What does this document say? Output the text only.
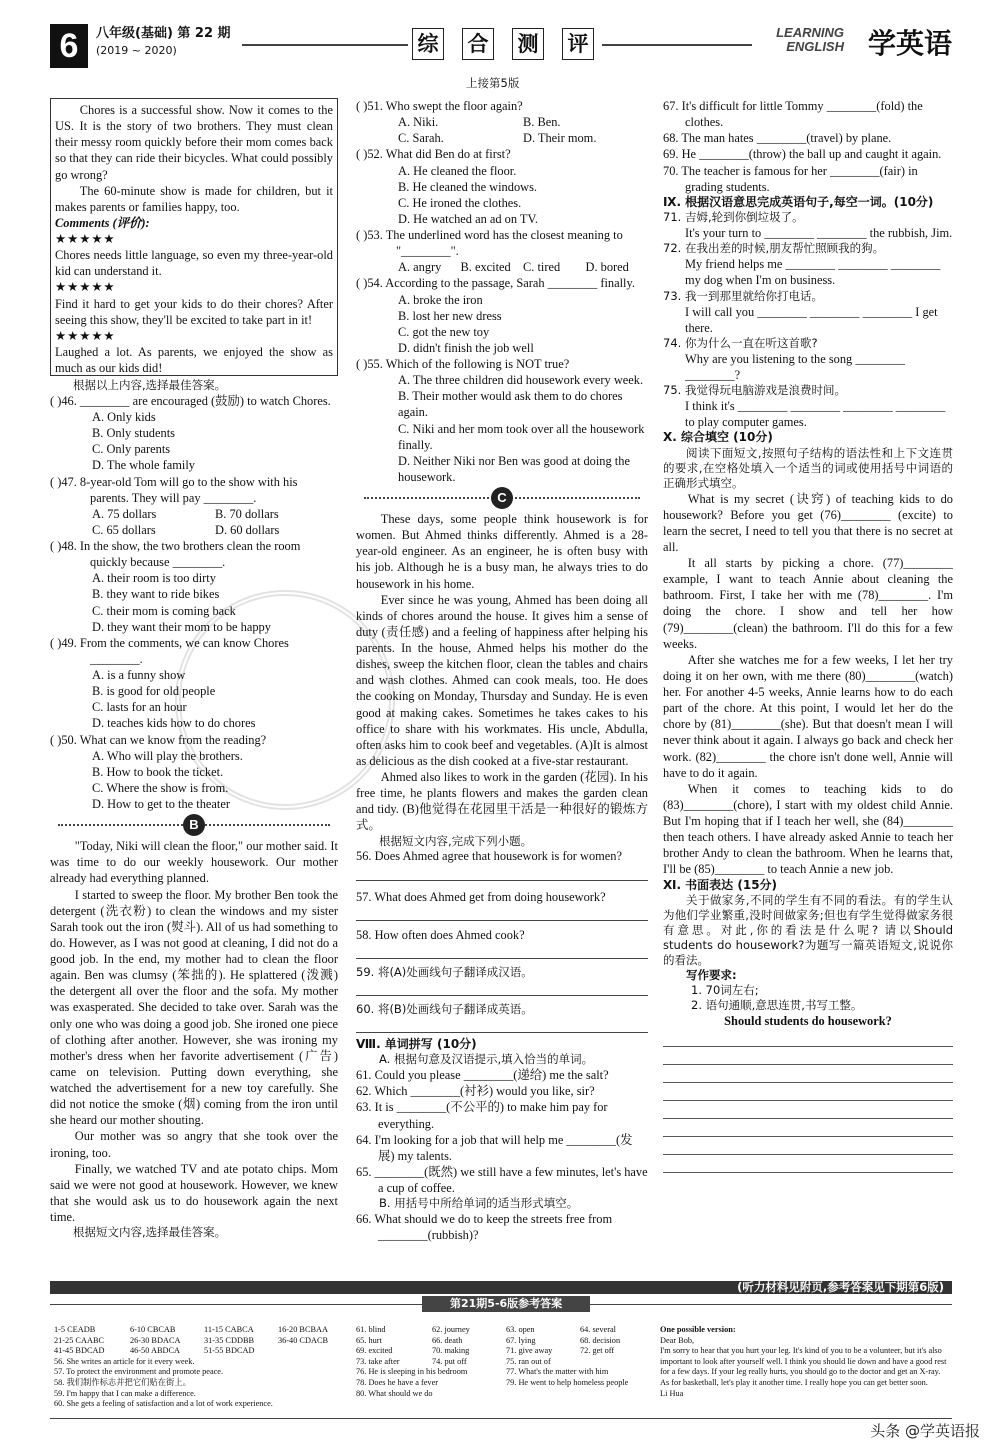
6	八年级(基础) 第 22 期
(2019 ~ 2020)	综 合 测 评	LEARNING
ENGLISH 学英语
上接第5版

Chores is a successful show. Now it comes to the US. It is the story of two brothers. They must clean their messy room quickly before their mom comes back so that they can ride their bicycles. What could possibly go wrong?

The 60-minute show is made for children, but it makes parents or families happy, too.

Comments (评价):

★★★★★

Chores needs little language, so even my three-year-old kid can understand it.

★★★★★

Find it hard to get your kids to do their chores? After seeing this show, they'll be excited to take part in it!

★★★★★

Laughed a lot. As parents, we enjoyed the show as much as our kids did!

根据以上内容,选择最佳答案。

( )46. ________ are encouraged (鼓励) to watch Chores.

A. Only kids

B. Only students

C. Only parents

D. The whole family

( )47. 8-year-old Tom will go to the show with his parents. They will pay ________.

A. 75 dollars	B. 70 dollars
C. 65 dollars	D. 60 dollars

( )48. In the show, the two brothers clean the room quickly because ________.

A. their room is too dirty

B. they want to ride bikes

C. their mom is coming back

D. they want their mom to be happy

( )49. From the comments, we can know Chores ________.

A. is a funny show

B. is good for old people

C. lasts for an hour

D. teaches kids how to do chores

( )50. What can we know from the reading?

A. Who will play the brothers.

B. How to book the ticket.

C. Where the show is from.

D. How to get to the theater

B

"Today, Niki will clean the floor," our mother said. It was time to do our weekly housework. Our mother already had everything planned.

I started to sweep the floor. My brother Ben took the detergent (洗衣粉) to clean the windows and my sister Sarah took out the iron (熨斗). All of us had something to do. However, as I was not good at cleaning, I did not do a good job. In the end, my mother had to clean the floor again. Ben was clumsy (笨拙的). He splattered (泼溅) the detergent all over the floor and the sofa. My mother was exasperated. She decided to take over. Sarah was the only one who was doing a good job. She ironed one piece of clothing after another. However, she was ironing my mother's dress when her favorite advertisement (广告) came on television. Putting down everything, she watched the advertisement for a new toy carefully. She did not notice the smoke (烟) coming from the iron until she heard our mother shouting.

Our mother was so angry that she took over the ironing, too.

Finally, we watched TV and ate potato chips. Mom said we were not good at housework. However, we knew that she would ask us to do housework again the next time.

根据短文内容,选择最佳答案。

( )51. Who swept the floor again?

A. Niki.	B. Ben.
C. Sarah.	D. Their mom.

( )52. What did Ben do at first?

A. He cleaned the floor.

B. He cleaned the windows.

C. He ironed the clothes.

D. He watched an ad on TV.

( )53. The underlined word has the closest meaning to "________".

A. angry	B. excited C. tired	D. bored

( )54. According to the passage, Sarah ________ finally.

A. broke the iron

B. lost her new dress

C. got the new toy

D. didn't finish the job well

( )55. Which of the following is NOT true?

A. The three children did housework every week.

B. Their mother would ask them to do chores again.

C. Niki and her mom took over all the housework finally.

D. Neither Niki nor Ben was good at doing the housework.

C

These days, some people think housework is for women. But Ahmed thinks differently. Ahmed is a 28-year-old engineer. As an engineer, he is often busy with his job. Although he is a busy man, he always tries to do housework in his home.

Ever since he was young, Ahmed has been doing all kinds of chores around the house. It gives him a sense of duty (责任感) and a feeling of happiness after helping his parents. In the house, Ahmed helps his mother do the dishes, sweep the kitchen floor, clean the tables and chairs and wash clothes. Ahmed can cook meals, too. He does the cooking on Monday, Thursday and Sunday. He is even good at making cakes. Sometimes he takes cakes to his office to share with his workmates. His uncle, Abdulla, often asks him to cook beef and vegetables. (A)It is almost as delicious as the dish cooked at a five-star restaurant.

Ahmed also likes to work in the garden (花园). In his free time, he plants flowers and makes the garden clean and tidy. (B)他觉得在花园里干活是一种很好的锻炼方式。

根据短文内容,完成下列小题。

56. Does Ahmed agree that housework is for women?

57. What does Ahmed get from doing housework?

58. How often does Ahmed cook?

59. 将(A)处画线句子翻译成汉语。

60. 将(B)处画线句子翻译成英语。

Ⅷ. 单词拼写 (10分)

A. 根据句意及汉语提示,填入恰当的单词。

61. Could you please ________(递给) me the salt?

62. Which ________(衬衫) would you like, sir?

63. It is ________(不公平的) to make him pay for everything.

64. I'm looking for a job that will help me ________(发展) my talents.

65. ________(既然) we still have a few minutes, let's have a cup of coffee.

B. 用括号中所给单词的适当形式填空。

66. What should we do to keep the streets free from ________(rubbish)?

67. It's difficult for little Tommy ________(fold) the clothes.

68. The man hates ________(travel) by plane.

69. He ________(throw) the ball up and caught it again.

70. The teacher is famous for her ________(fair) in grading students.

Ⅸ. 根据汉语意思完成英语句子,每空一词。(10分)

71. 吉姆,轮到你倒垃圾了。

It's your turn to ________ ________ the rubbish, Jim.

72. 在我出差的时候,朋友帮忙照顾我的狗。

My friend helps me ________ ________ ________ my dog when I'm on business.

73. 我一到那里就给你打电话。

I will call you ________ ________ ________ I get there.

74. 你为什么一直在听这首歌?

Why are you listening to the song ________ ________?

75. 我觉得玩电脑游戏是浪费时间。

I think it's ________ ________ ________ ________ to play computer games.

Ⅹ. 综合填空 (10分)

阅读下面短文,按照句子结构的语法性和上下文连贯的要求,在空格处填入一个适当的词或使用括号中词语的正确形式填空。

What is my secret (诀窍) of teaching kids to do housework? Before you get (76)________ (excite) to learn the secret, I need to tell you that there is no secret at all.

It all starts by picking a chore. (77)________ example, I want to teach Annie about cleaning the bathroom. First, I take her with me (78)________. I'm doing the chore. I show and tell her how (79)________(clean) the bathroom. I'll do this for a few weeks.

After she watches me for a few weeks, I let her try doing it on her own, with me there (80)________(watch) her. For another 4-5 weeks, Annie learns how to do each part of the chore. At this point, I would let her do the chore by (81)________(she). But that doesn't mean I will never think about it again. I always go back and check her work. (82)________ the chore isn't done well, Annie will have to do it again.

When it comes to teaching kids to do (83)________(chore), I start with my oldest child Annie. But I'm hoping that if I teach her well, she (84)________ then teach others. I have already asked Annie to teach her brother Andy to clean the bathroom. When he learns that, I'll be (85)________ to teach Annie a new job.

Ⅺ. 书面表达 (15分)

关于做家务,不同的学生有不同的看法。有的学生认为他们学业繁重,没时间做家务;但也有学生觉得做家务很有意思。对此,你的看法是什么呢? 请以Should students do housework?为题写一篇英语短文,说说你的看法。

写作要求:

1. 70词左右;

2. 语句通顺,意思连贯,书写工整。

Should students do housework?

(听力材料见附页,参考答案见下期第6版)
第21期5-6版参考答案
1-5 CEADB	6-10 CBCAB	11-15 CABCA	16-20 BCBAA
21-25 CAABC	26-30 BDACA	31-35 CDDBB	36-40 CDACB
41-45 BDCAD	46-50 ABDCA	51-55 BDCAD
56. She writes an article for it every week.
57. To protect the environment and promote peace.
58. 我们制作标志并把它们贴在街上。
59. I'm happy that I can make a difference.
60. She gets a feeling of satisfaction and a lot of work experience.
61. blind	62. journey	63. open	64. several
65. hurt	66. death	67. lying	68. decision
69. excited	70. making	71. give away	72. get off
73. take after	74. put off	75. ran out of
76. He is sleeping in his bedroom	77. What's the matter with him
78. Does he have a fever	79. He went to help homeless people
80. What should we do
One possible version:
Dear Bob,
I'm sorry to hear that you hurt your leg. It's kind of you to be a volunteer, but it's also important to look after yourself well. I think you should lie down and have a good rest for a few days. If your leg really hurts, you should go to the doctor and get an X-ray.
As for basketball, let's play it another time. I really hope you can get better soon.
Li Hua
头条 @学英语报
